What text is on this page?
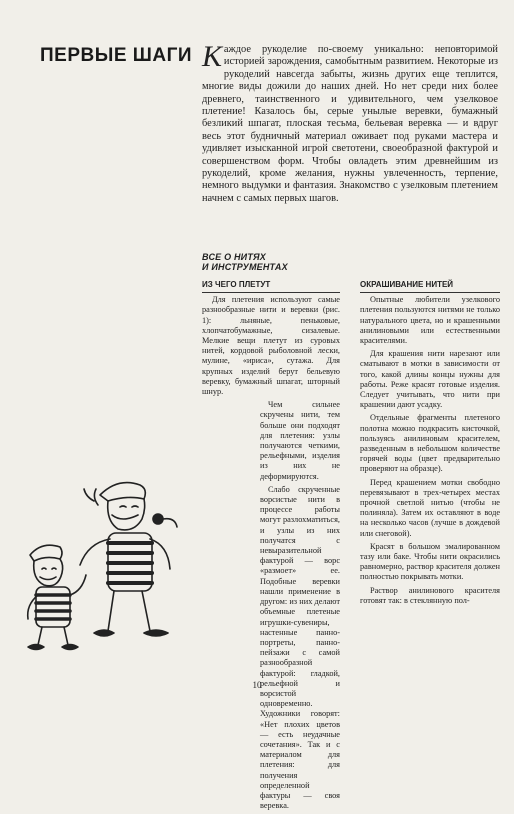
ПЕРВЫЕ ШАГИ Каждое рукоделие по-своему уникально: неповторимой историей зарождения, самобытным развитием. Некоторые из рукоделий навсегда забыты, жизнь других еще теплится, многие виды дожили до наших дней. Но нет среди них более древнего, таинственного и удивительного, чем узелковое плетение! Казалось бы, серые унылые веревки, бумажный безликий шпагат, плоская тесьма, бельевая веревка — и вдруг весь этот будничный материал оживает под руками мастера и удивляет изысканной игрой светотени, своеобразной фактурой и совершенством форм. Чтобы овладеть этим древнейшим из рукоделий, кроме желания, нужны увлеченность, терпение, немного выдумки и фантазия. Знакомство с узелковым плетением начнем с самых первых шагов.

ВСЕ О НИТЯХ
И ИНСТРУМЕНТАХ
ИЗ ЧЕГО ПЛЕТУТ

Для плетения используют самые разнообразные нити и веревки (рис. 1): льняные, пеньковые, хлопчатобумажные, сизалевые. Мелкие вещи плетут из суровых нитей, кордовой рыболовной лески, мулине, «ириса», сутажа. Для крупных изделий берут бельевую веревку, бумажный шпагат, шторный шнур.

Чем сильнее скручены нити, тем больше они подходят для плетения: узлы получаются четкими, рельефными, изделия из них не деформируются.

Слабо скрученные ворсистые нити в процессе работы могут разлохматиться, и узлы из них получатся с невыразительной фактурой — ворс «размоет» ее. Подобные веревки нашли применение в другом: из них делают объемные плетеные игрушки-сувениры, настенные панно-портреты, панно-пейзажи с самой разнообразной фактурой: гладкой, рельефной и ворсистой одновременно. Художники говорят: «Нет плохих цветов — есть неудачные сочетания». Так и с материалом для плетения: для получения определенной фактуры — своя веревка.

ОКРАШИВАНИЕ НИТЕЙ

Опытные любители узелкового плетения пользуются нитями не только натурального цвета, но и крашенными анилиновыми или естественными красителями.

Для крашения нити нарезают или сматывают в мотки в зависимости от того, какой длины концы нужны для работы. Реже красят готовые изделия. Следует учитывать, что нити при крашении дают усадку.

Отдельные фрагменты плетеного полотна можно подкрасить кисточкой, пользуясь анилиновым красителем, разведенным в небольшом количестве горячей воды (цвет предварительно проверяют на образце).

Перед крашением мотки свободно перевязывают в трех-четырех местах прочной светлой нитью (чтобы не полиняла). Затем их оставляют в воде на несколько часов (лучше в дождевой или снеговой).

Красят в большом эмалированном тазу или баке. Чтобы нити окрасились равномерно, раствор красителя должен полностью покрывать мотки.

Раствор анилинового красителя готовят так: в стеклянную пол-

10
